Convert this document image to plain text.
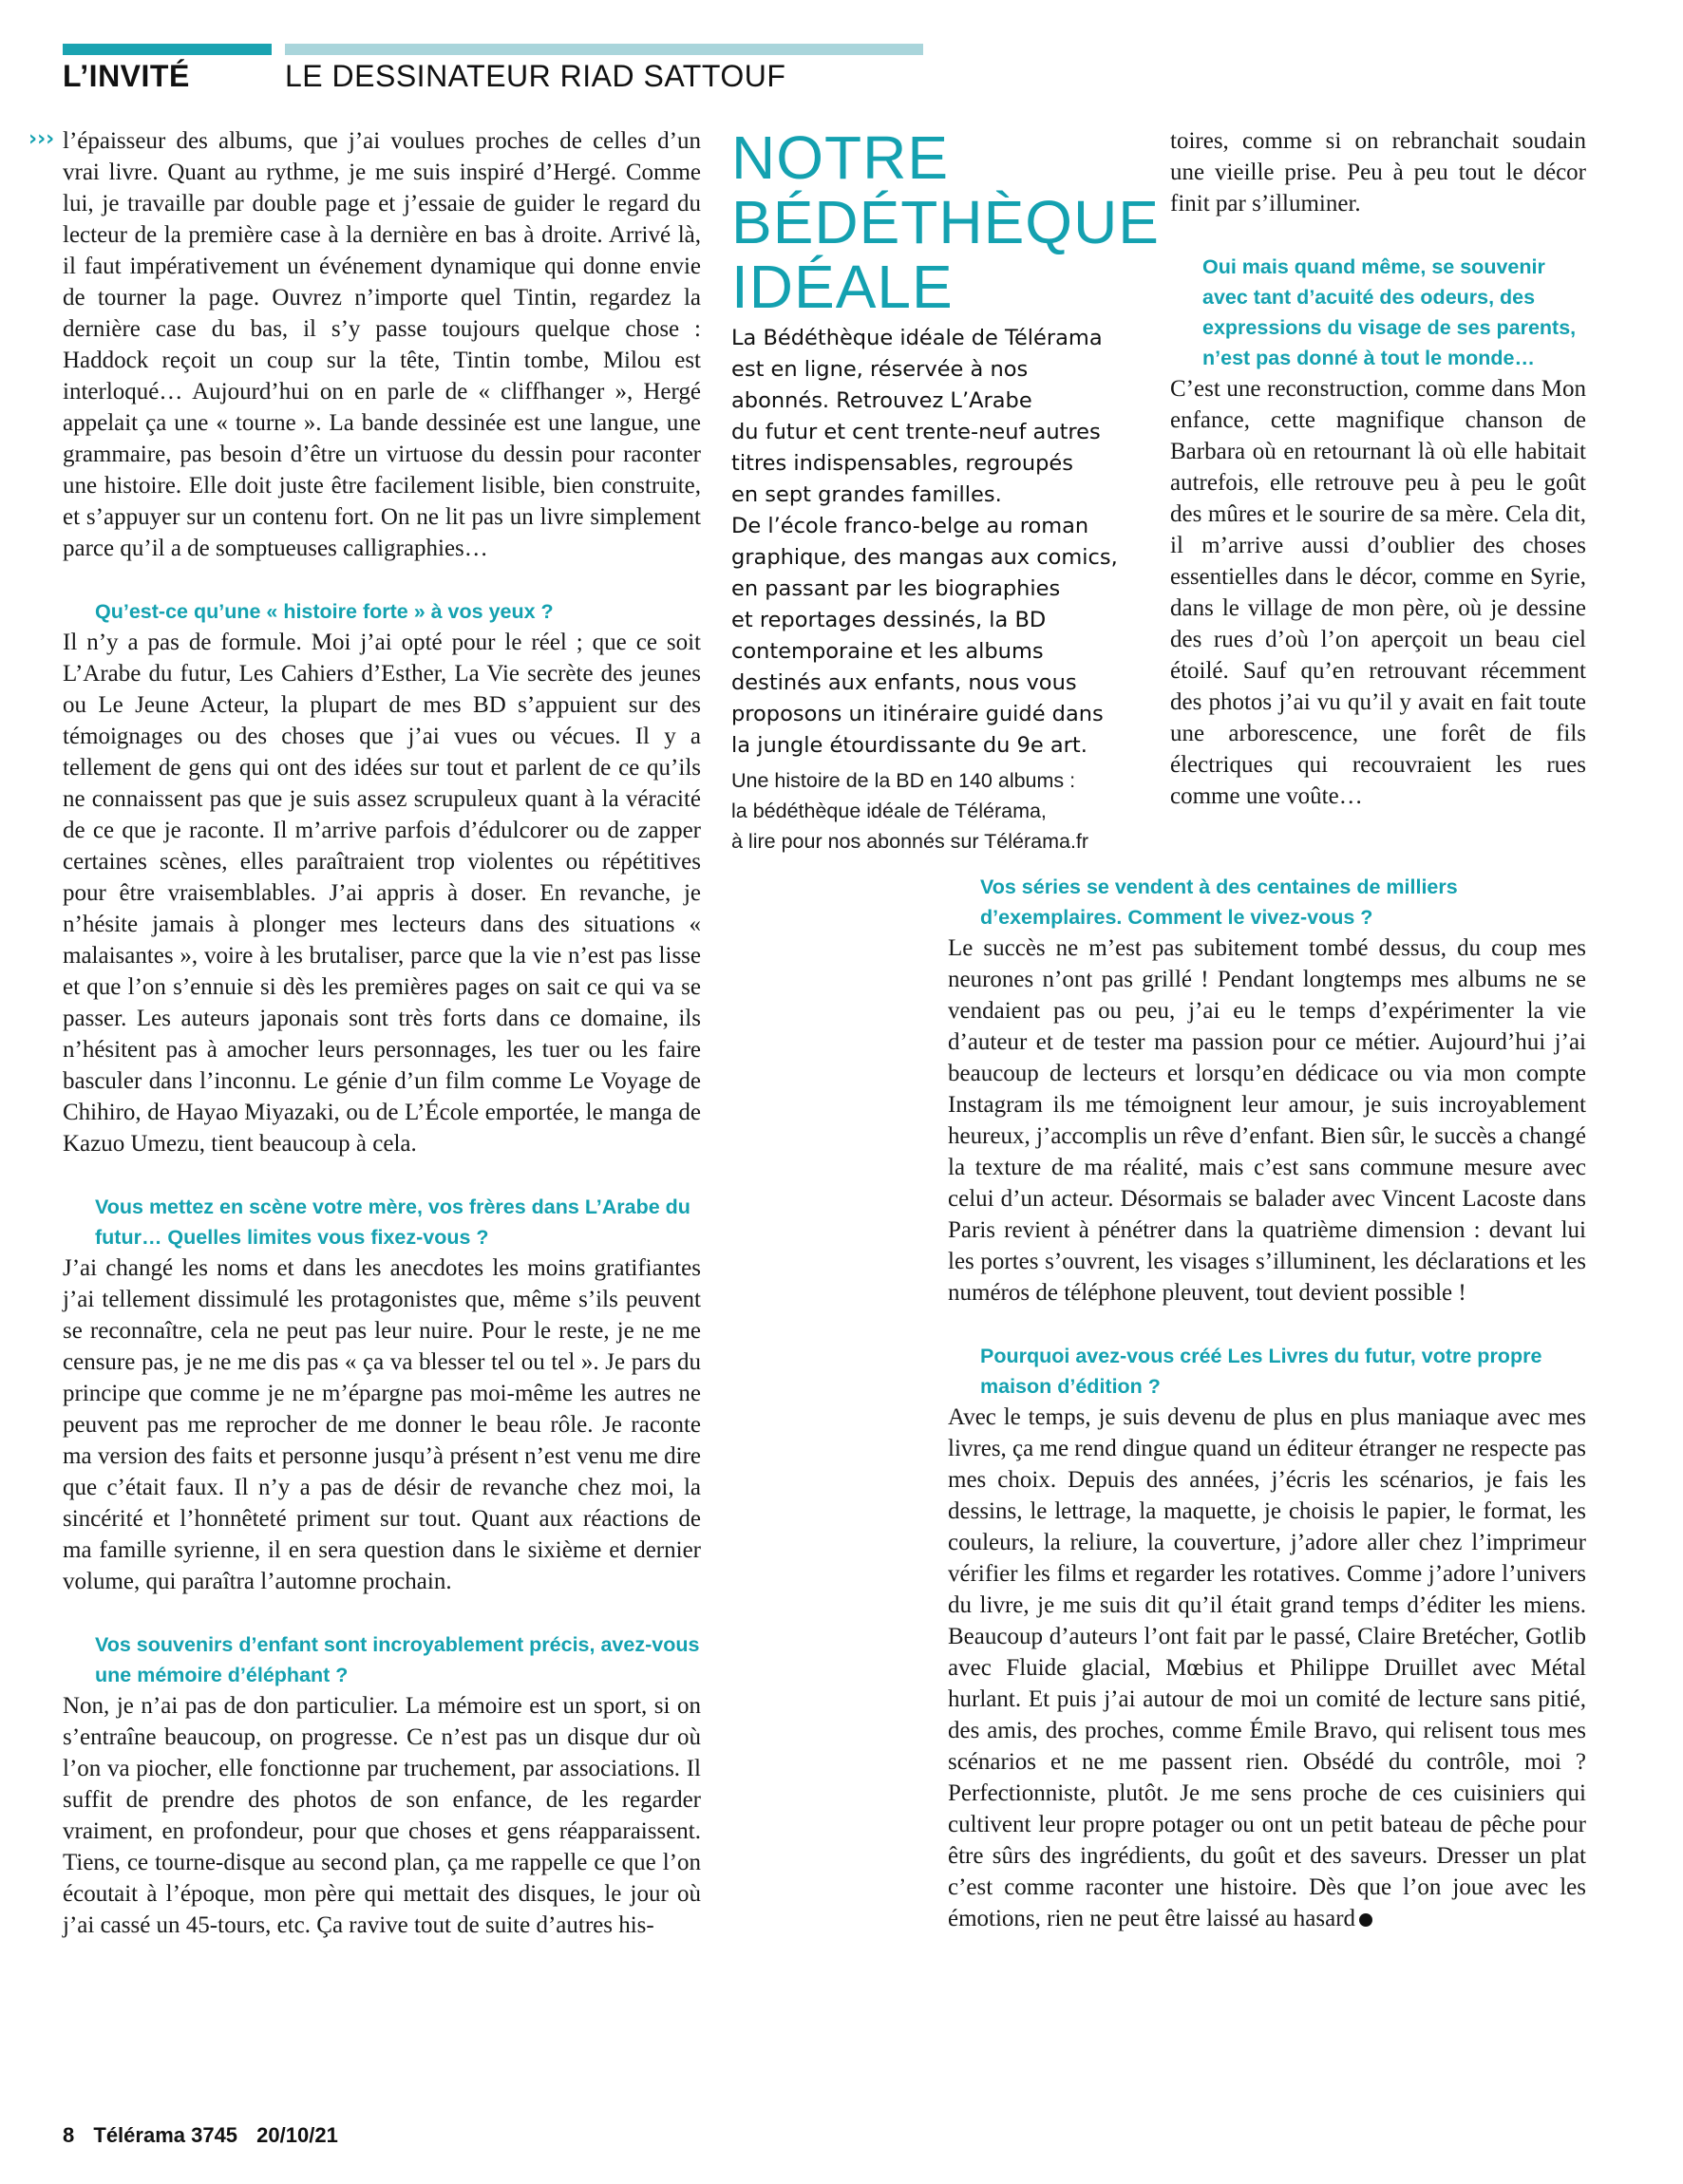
L’INVITÉ	LE DESSINATEUR RIAD SATTOUF
››› l’épaisseur des albums, que j’ai voulues proches de celles d’un vrai livre. Quant au rythme, je me suis inspiré d’Hergé. Comme lui, je travaille par double page et j’essaie de guider le regard du lecteur de la première case à la dernière en bas à droite. Arrivé là, il faut impérativement un événement dynamique qui donne envie de tourner la page. Ouvrez n’importe quel Tintin, regardez la dernière case du bas, il s’y passe toujours quelque chose : Haddock reçoit un coup sur la tête, Tintin tombe, Milou est interloqué… Aujourd’hui on en parle de « cliffhanger », Hergé appelait ça une « tourne ». La bande dessinée est une langue, une grammaire, pas besoin d’être un virtuose du dessin pour raconter une histoire. Elle doit juste être facilement lisible, bien construite, et s’appuyer sur un contenu fort. On ne lit pas un livre simplement parce qu’il a de somptueuses calligraphies…

Qu’est-ce qu’une « histoire forte » à vos yeux ?

Il n’y a pas de formule. Moi j’ai opté pour le réel ; que ce soit L’Arabe du futur, Les Cahiers d’Esther, La Vie secrète des jeunes ou Le Jeune Acteur, la plupart de mes BD s’appuient sur des témoignages ou des choses que j’ai vues ou vécues. Il y a tellement de gens qui ont des idées sur tout et parlent de ce qu’ils ne connaissent pas que je suis assez scrupuleux quant à la véracité de ce que je raconte. Il m’arrive parfois d’édulcorer ou de zapper certaines scènes, elles paraîtraient trop violentes ou répétitives pour être vraisemblables. J’ai appris à doser. En revanche, je n’hésite jamais à plonger mes lecteurs dans des situations « malaisantes », voire à les brutaliser, parce que la vie n’est pas lisse et que l’on s’ennuie si dès les premières pages on sait ce qui va se passer. Les auteurs japonais sont très forts dans ce domaine, ils n’hésitent pas à amocher leurs personnages, les tuer ou les faire basculer dans l’inconnu. Le génie d’un film comme Le Voyage de Chihiro, de Hayao Miyazaki, ou de L’École emportée, le manga de Kazuo Umezu, tient beaucoup à cela.

Vous mettez en scène votre mère, vos frères dans L’Arabe du futur… Quelles limites vous fixez-vous ?

J’ai changé les noms et dans les anecdotes les moins gratifiantes j’ai tellement dissimulé les protagonistes que, même s’ils peuvent se reconnaître, cela ne peut pas leur nuire. Pour le reste, je ne me censure pas, je ne me dis pas « ça va blesser tel ou tel ». Je pars du principe que comme je ne m’épargne pas moi-même les autres ne peuvent pas me reprocher de me donner le beau rôle. Je raconte ma version des faits et personne jusqu’à présent n’est venu me dire que c’était faux. Il n’y a pas de désir de revanche chez moi, la sincérité et l’honnêteté priment sur tout. Quant aux réactions de ma famille syrienne, il en sera question dans le sixième et dernier volume, qui paraîtra l’automne prochain.

Vos souvenirs d’enfant sont incroyablement précis, avez-vous une mémoire d’éléphant ?

Non, je n’ai pas de don particulier. La mémoire est un sport, si on s’entraîne beaucoup, on progresse. Ce n’est pas un disque dur où l’on va piocher, elle fonctionne par truchement, par associations. Il suffit de prendre des photos de son enfance, de les regarder vraiment, en profondeur, pour que choses et gens réapparaissent. Tiens, ce tourne-disque au second plan, ça me rappelle ce que l’on écoutait à l’époque, mon père qui mettait des disques, le jour où j’ai cassé un 45-tours, etc. Ça ravive tout de suite d’autres his-

NOTRE
BÉDÉTHÈQUE
IDÉALE

La Bédéthèque idéale de Télérama
est en ligne, réservée à nos
abonnés. Retrouvez L’Arabe
du futur et cent trente-neuf autres
titres indispensables, regroupés
en sept grandes familles.
De l’école franco-belge au roman
graphique, des mangas aux comics,
en passant par les biographies
et reportages dessinés, la BD
contemporaine et les albums
destinés aux enfants, nous vous
proposons un itinéraire guidé dans
la jungle étourdissante du 9e art.

Une histoire de la BD en 140 albums :
la bédéthèque idéale de Télérama,
à lire pour nos abonnés sur Télérama.fr

toires, comme si on rebranchait soudain une vieille prise. Peu à peu tout le décor finit par s’illuminer.

Oui mais quand même, se souvenir avec tant d’acuité des odeurs, des expressions du visage de ses parents, n’est pas donné à tout le monde…

C’est une reconstruction, comme dans Mon enfance, cette magnifique chanson de Barbara où en retournant là où elle habitait autrefois, elle retrouve peu à peu le goût des mûres et le sourire de sa mère. Cela dit, il m’arrive aussi d’oublier des choses essentielles dans le décor, comme en Syrie, dans le village de mon père, où je dessine des rues d’où l’on aperçoit un beau ciel étoilé. Sauf qu’en retrouvant récemment des photos j’ai vu qu’il y avait en fait toute une arborescence, une forêt de fils électriques qui recouvraient les rues comme une voûte…

Vos séries se vendent à des centaines de milliers d’exemplaires. Comment le vivez-vous ?

Le succès ne m’est pas subitement tombé dessus, du coup mes neurones n’ont pas grillé ! Pendant longtemps mes albums ne se vendaient pas ou peu, j’ai eu le temps d’expérimenter la vie d’auteur et de tester ma passion pour ce métier. Aujourd’hui j’ai beaucoup de lecteurs et lorsqu’en dédicace ou via mon compte Instagram ils me témoignent leur amour, je suis incroyablement heureux, j’accomplis un rêve d’enfant. Bien sûr, le succès a changé la texture de ma réalité, mais c’est sans commune mesure avec celui d’un acteur. Désormais se balader avec Vincent Lacoste dans Paris revient à pénétrer dans la quatrième dimension : devant lui les portes s’ouvrent, les visages s’illuminent, les déclarations et les numéros de téléphone pleuvent, tout devient possible !

Pourquoi avez-vous créé Les Livres du futur, votre propre maison d’édition ?

Avec le temps, je suis devenu de plus en plus maniaque avec mes livres, ça me rend dingue quand un éditeur étranger ne respecte pas mes choix. Depuis des années, j’écris les scénarios, je fais les dessins, le lettrage, la maquette, je choisis le papier, le format, les couleurs, la reliure, la couverture, j’adore aller chez l’imprimeur vérifier les films et regarder les rotatives. Comme j’adore l’univers du livre, je me suis dit qu’il était grand temps d’éditer les miens. Beaucoup d’auteurs l’ont fait par le passé, Claire Bretécher, Gotlib avec Fluide glacial, Mœbius et Philippe Druillet avec Métal hurlant. Et puis j’ai autour de moi un comité de lecture sans pitié, des amis, des proches, comme Émile Bravo, qui relisent tous mes scénarios et ne me passent rien. Obsédé du contrôle, moi ? Perfectionniste, plutôt. Je me sens proche de ces cuisiniers qui cultivent leur propre potager ou ont un petit bateau de pêche pour être sûrs des ingrédients, du goût et des saveurs. Dresser un plat c’est comme raconter une histoire. Dès que l’on joue avec les émotions, rien ne peut être laissé au hasard

8 Télérama 3745 20/10/21
